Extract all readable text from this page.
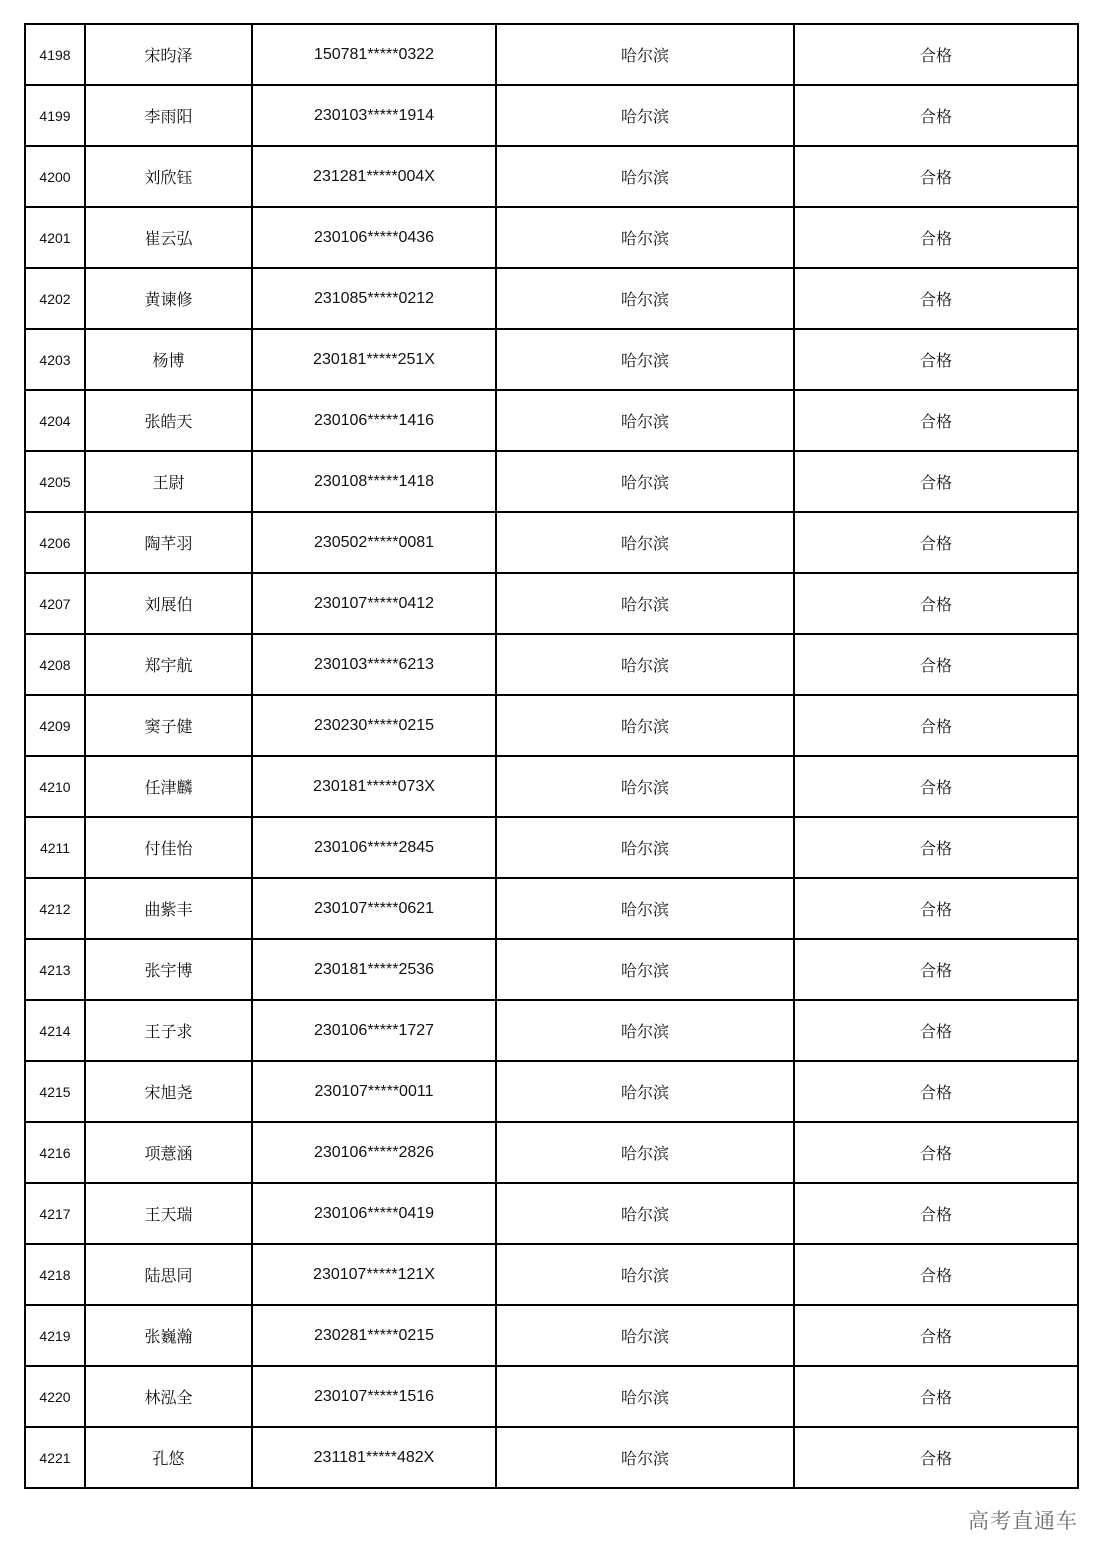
4198	宋昀泽	150781*****0322	哈尔滨	合格
4199	李雨阳	230103*****1914	哈尔滨	合格
4200	刘欣钰	231281*****004X	哈尔滨	合格
4201	崔云弘	230106*****0436	哈尔滨	合格
4202	黄谏修	231085*****0212	哈尔滨	合格
4203	杨博	230181*****251X	哈尔滨	合格
4204	张皓天	230106*****1416	哈尔滨	合格
4205	王尉	230108*****1418	哈尔滨	合格
4206	陶芊羽	230502*****0081	哈尔滨	合格
4207	刘展伯	230107*****0412	哈尔滨	合格
4208	郑宇航	230103*****6213	哈尔滨	合格
4209	窦子健	230230*****0215	哈尔滨	合格
4210	任津麟	230181*****073X	哈尔滨	合格
4211	付佳怡	230106*****2845	哈尔滨	合格
4212	曲紫丰	230107*****0621	哈尔滨	合格
4213	张宇博	230181*****2536	哈尔滨	合格
4214	王子求	230106*****1727	哈尔滨	合格
4215	宋旭尧	230107*****0011	哈尔滨	合格
4216	项薏涵	230106*****2826	哈尔滨	合格
4217	王天瑞	230106*****0419	哈尔滨	合格
4218	陆思同	230107*****121X	哈尔滨	合格
4219	张巍瀚	230281*****0215	哈尔滨	合格
4220	林泓全	230107*****1516	哈尔滨	合格
4221	孔悠	231181*****482X	哈尔滨	合格
高考直通车
